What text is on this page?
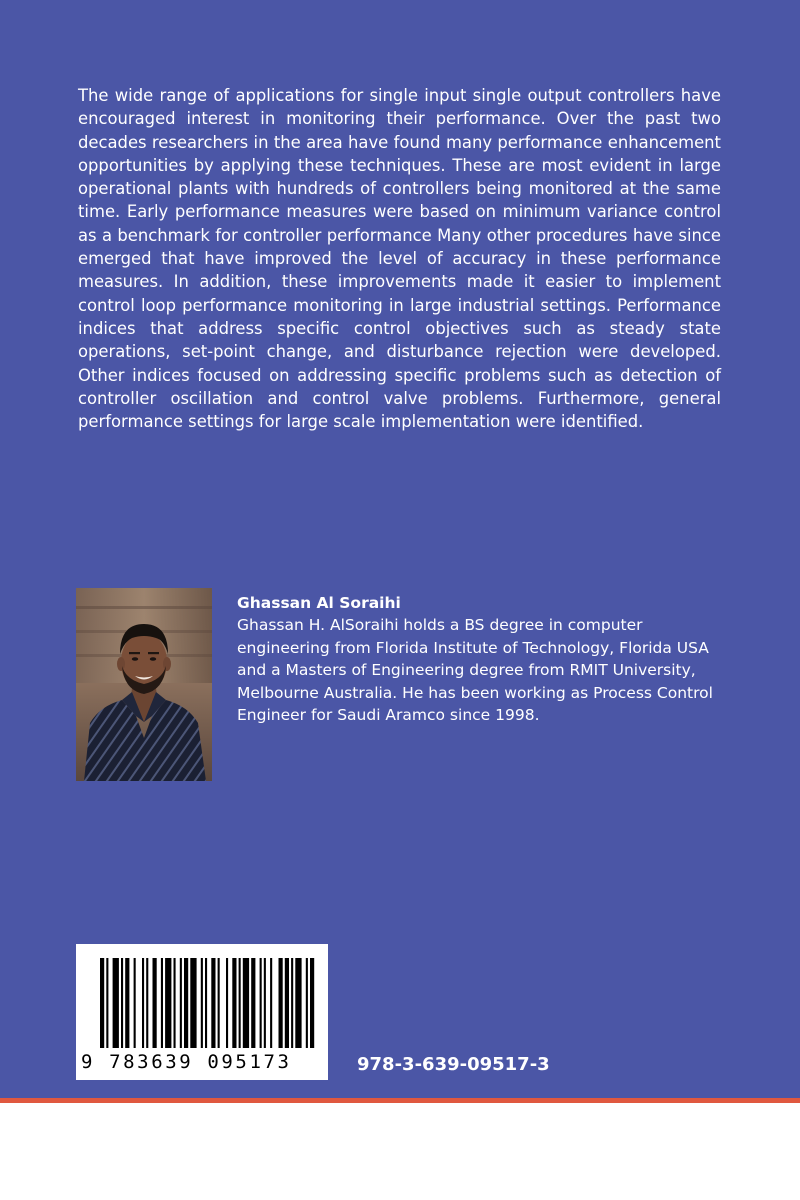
The wide range of applications for single input single output controllers have encouraged interest in monitoring their performance. Over the past two decades researchers in the area have found many performance enhancement opportunities by applying these techniques. These are most evident in large operational plants with hundreds of controllers being monitored at the same time. Early performance measures were based on minimum variance control as a benchmark for controller performance Many other procedures have since emerged that have improved the level of accuracy in these performance measures. In addition, these improvements made it easier to implement control loop performance monitoring in large industrial settings. Performance indices that address specific control objectives such as steady state operations, set-point change, and disturbance rejection were developed. Other indices focused on addressing specific problems such as detection of controller oscillation and control valve problems. Furthermore, general performance settings for large scale implementation were identified.

Ghassan Al Soraihi

Ghassan H. AlSoraihi holds a BS degree in computer engineering from Florida Institute of Technology, Florida USA and a Masters of Engineering degree from RMIT University, Melbourne Australia. He has been working as Process Control Engineer for Saudi Aramco since 1998.

9 783639 095173	978-3-639-09517-3
